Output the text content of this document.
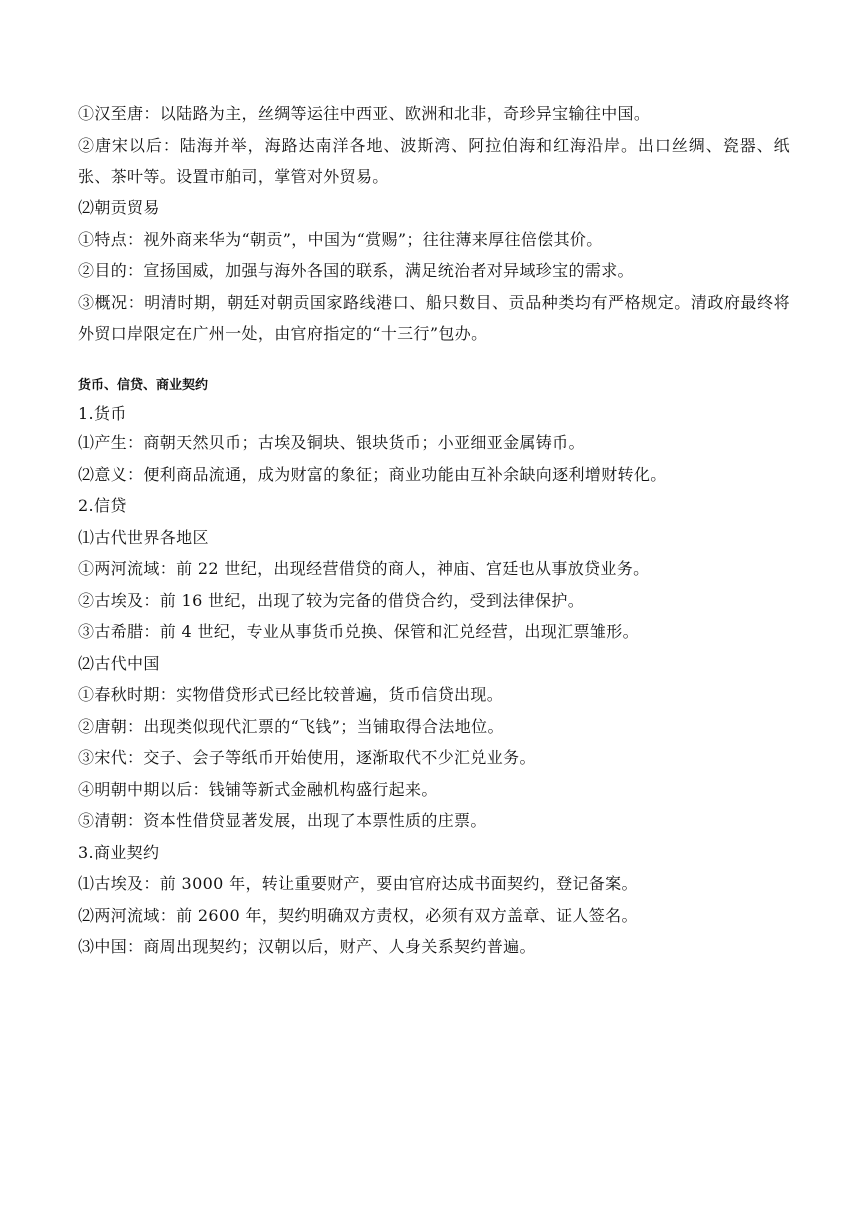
①汉至唐：以陆路为主，丝绸等运往中西亚、欧洲和北非，奇珍异宝输往中国。

②唐宋以后：陆海并举，海路达南洋各地、波斯湾、阿拉伯海和红海沿岸。出口丝绸、瓷器、纸张、茶叶等。设置市舶司，掌管对外贸易。

⑵朝贡贸易

①特点：视外商来华为“朝贡”，中国为“赏赐”；往往薄来厚往倍偿其价。

②目的：宣扬国威，加强与海外各国的联系，满足统治者对异域珍宝的需求。

③概况：明清时期，朝廷对朝贡国家路线港口、船只数目、贡品种类均有严格规定。清政府最终将外贸口岸限定在广州一处，由官府指定的“十三行”包办。

货币、信贷、商业契约

1.货币

⑴产生：商朝天然贝币；古埃及铜块、银块货币；小亚细亚金属铸币。

⑵意义：便利商品流通，成为财富的象征；商业功能由互补余缺向逐利增财转化。

2.信贷

⑴古代世界各地区

①两河流域：前 22 世纪，出现经营借贷的商人，神庙、宫廷也从事放贷业务。

②古埃及：前 16 世纪，出现了较为完备的借贷合约，受到法律保护。

③古希腊：前 4 世纪，专业从事货币兑换、保管和汇兑经营，出现汇票雏形。

⑵古代中国

①春秋时期：实物借贷形式已经比较普遍，货币信贷出现。

②唐朝：出现类似现代汇票的“飞钱”；当铺取得合法地位。

③宋代：交子、会子等纸币开始使用，逐渐取代不少汇兑业务。

④明朝中期以后：钱铺等新式金融机构盛行起来。

⑤清朝：资本性借贷显著发展，出现了本票性质的庄票。

3.商业契约

⑴古埃及：前 3000 年，转让重要财产，要由官府达成书面契约，登记备案。

⑵两河流域：前 2600 年，契约明确双方责权，必须有双方盖章、证人签名。

⑶中国：商周出现契约；汉朝以后，财产、人身关系契约普遍。
